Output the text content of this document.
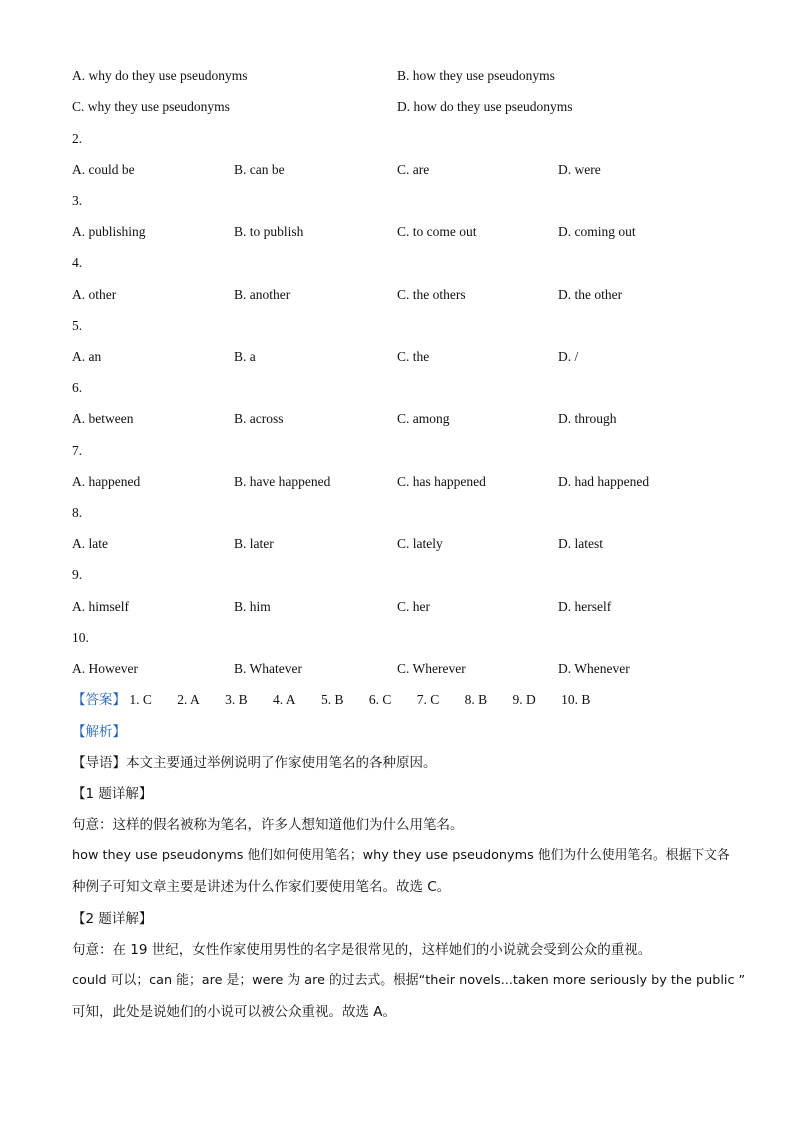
A. why do they use pseudonyms	B. how they use pseudonyms
C. why they use pseudonyms	D. how do they use pseudonyms
2.
A. could be	B. can be	C. are	D. were
3.
A. publishing	B. to publish	C. to come out	D. coming out
4.
A. other	B. another	C. the others	D. the other
5.
A. an	B. a	C. the	D. /
6.
A. between	B. across	C. among	D. through
7.
A. happened	B. have happened	C. has happened	D. had happened
8.
A. late	B. later	C. lately	D. latest
9.
A. himself	B. him	C. her	D. herself
10.
A. However	B. Whatever	C. Wherever	D. Whenever
【答案】 1. C 2. A 3. B 4. A 5. B 6. C 7. C 8. B 9. D 10. B
【解析】
【导语】本文主要通过举例说明了作家使用笔名的各种原因。
【1 题详解】
句意：这样的假名被称为笔名，许多人想知道他们为什么用笔名。
how they use pseudonyms 他们如何使用笔名；why they use pseudonyms 他们为什么使用笔名。根据下文各
种例子可知文章主要是讲述为什么作家们要使用笔名。故选 C。
【2 题详解】
句意：在 19 世纪，女性作家使用男性的名字是很常见的，这样她们的小说就会受到公众的重视。
could 可以；can 能；are 是；were 为 are 的过去式。根据“their novels...taken more seriously by the public ”
可知，此处是说她们的小说可以被公众重视。故选 A。
